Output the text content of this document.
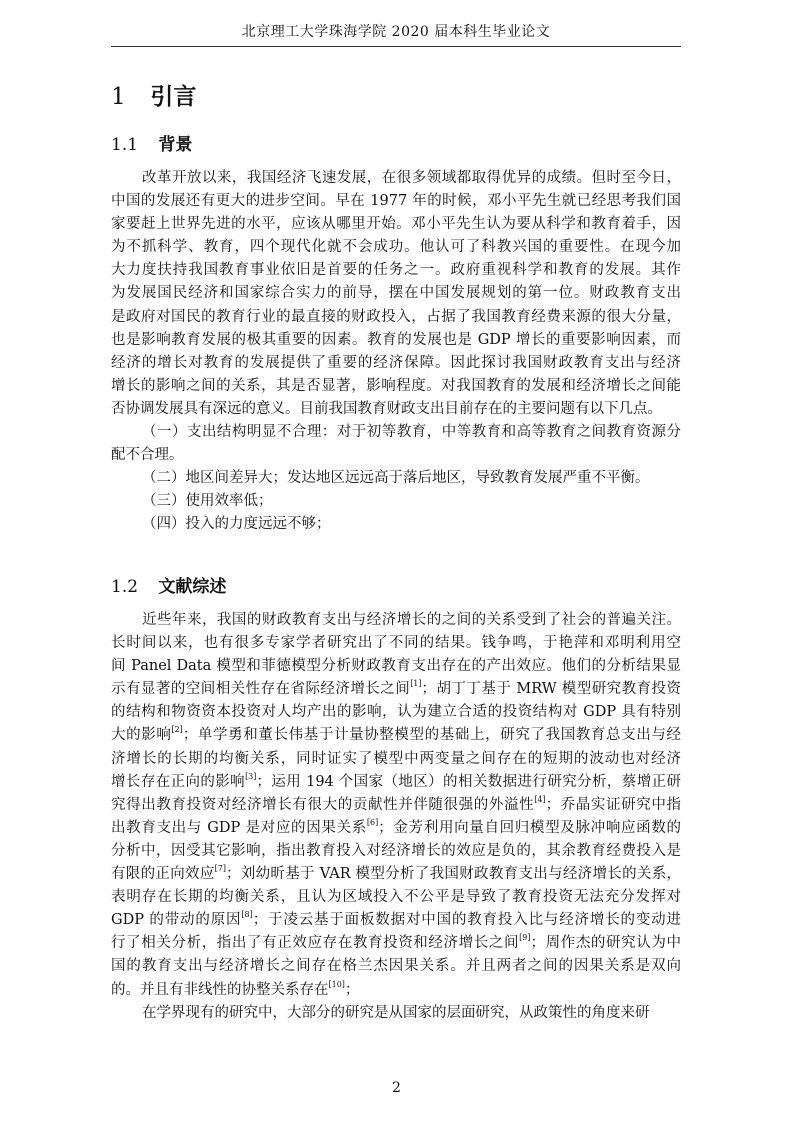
北京理工大学珠海学院 2020 届本科生毕业论文
1 引言
1.1 背景
改革开放以来，我国经济飞速发展，在很多领域都取得优异的成绩。但时至今日，
中国的发展还有更大的进步空间。早在 1977 年的时候，邓小平先生就已经思考我们国
家要赶上世界先进的水平，应该从哪里开始。邓小平先生认为要从科学和教育着手，因
为不抓科学、教育，四个现代化就不会成功。他认可了科教兴国的重要性。在现今加
大力度扶持我国教育事业依旧是首要的任务之一。政府重视科学和教育的发展。其作
为发展国民经济和国家综合实力的前导，摆在中国发展规划的第一位。财政教育支出
是政府对国民的教育行业的最直接的财政投入，占据了我国教育经费来源的很大分量，
也是影响教育发展的极其重要的因素。教育的发展也是 GDP 增长的重要影响因素，而
经济的增长对教育的发展提供了重要的经济保障。因此探讨我国财政教育支出与经济
增长的影响之间的关系，其是否显著，影响程度。对我国教育的发展和经济增长之间能
否协调发展具有深远的意义。目前我国教育财政支出目前存在的主要问题有以下几点。
（一）支出结构明显不合理：对于初等教育，中等教育和高等教育之间教育资源分
配不合理。
（二）地区间差异大；发达地区远远高于落后地区，导致教育发展严重不平衡。
（三）使用效率低；
（四）投入的力度远远不够；
1.2 文献综述
近些年来，我国的财政教育支出与经济增长的之间的关系受到了社会的普遍关注。
长时间以来，也有很多专家学者研究出了不同的结果。钱争鸣，于艳萍和邓明利用空
间 Panel Data 模型和菲德模型分析财政教育支出存在的产出效应。他们的分析结果显
示有显著的空间相关性存在省际经济增长之间[1]；胡丁丁基于 MRW 模型研究教育投资
的结构和物资资本投资对人均产出的影响，认为建立合适的投资结构对 GDP 具有特别
大的影响[2]；单学勇和董长伟基于计量协整模型的基础上，研究了我国教育总支出与经
济增长的长期的均衡关系，同时证实了模型中两变量之间存在的短期的波动也对经济
增长存在正向的影响[3]；运用 194 个国家（地区）的相关数据进行研究分析，蔡增正研
究得出教育投资对经济增长有很大的贡献性并伴随很强的外溢性[4]；乔晶实证研究中指
出教育支出与 GDP 是对应的因果关系[6]；金芳利用向量自回归模型及脉冲响应函数的
分析中，因受其它影响，指出教育投入对经济增长的效应是负的，其余教育经费投入是
有限的正向效应[7]；刘幼昕基于 VAR 模型分析了我国财政教育支出与经济增长的关系，
表明存在长期的均衡关系，且认为区域投入不公平是导致了教育投资无法充分发挥对
GDP 的带动的原因[8]；于凌云基于面板数据对中国的教育投入比与经济增长的变动进
行了相关分析，指出了有正效应存在教育投资和经济增长之间[9]；周作杰的研究认为中
国的教育支出与经济增长之间存在格兰杰因果关系。并且两者之间的因果关系是双向
的。并且有非线性的协整关系存在[10]；
在学界现有的研究中，大部分的研究是从国家的层面研究，从政策性的角度来研
2
